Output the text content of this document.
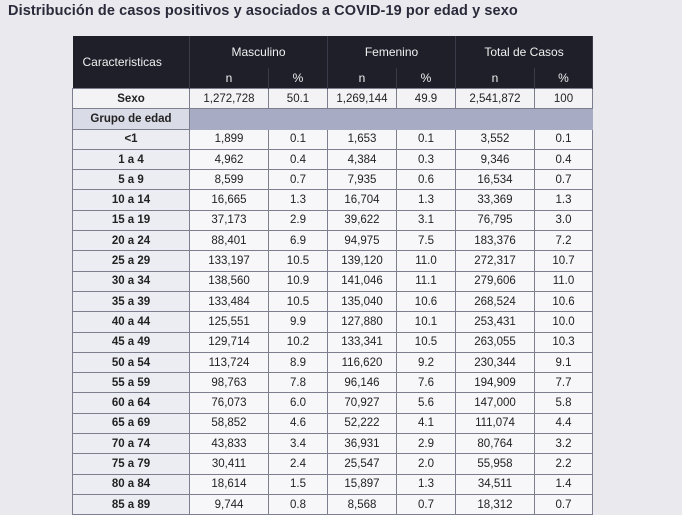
Distribución de casos positivos y asociados a COVID-19 por edad y sexo
Caracteristicas	Masculino		Femenino		Total de Casos	
	n	%	n	%	n	%
Sexo	1,272,728	50.1	1,269,144	49.9	2,541,872	100
Grupo de edad						
<1	1,899	0.1	1,653	0.1	3,552	0.1
1 a 4	4,962	0.4	4,384	0.3	9,346	0.4
5 a 9	8,599	0.7	7,935	0.6	16,534	0.7
10 a 14	16,665	1.3	16,704	1.3	33,369	1.3
15 a 19	37,173	2.9	39,622	3.1	76,795	3.0
20 a 24	88,401	6.9	94,975	7.5	183,376	7.2
25 a 29	133,197	10.5	139,120	11.0	272,317	10.7
30 a 34	138,560	10.9	141,046	11.1	279,606	11.0
35 a 39	133,484	10.5	135,040	10.6	268,524	10.6
40 a 44	125,551	9.9	127,880	10.1	253,431	10.0
45 a 49	129,714	10.2	133,341	10.5	263,055	10.3
50 a 54	113,724	8.9	116,620	9.2	230,344	9.1
55 a 59	98,763	7.8	96,146	7.6	194,909	7.7
60 a 64	76,073	6.0	70,927	5.6	147,000	5.8
65 a 69	58,852	4.6	52,222	4.1	111,074	4.4
70 a 74	43,833	3.4	36,931	2.9	80,764	3.2
75 a 79	30,411	2.4	25,547	2.0	55,958	2.2
80 a 84	18,614	1.5	15,897	1.3	34,511	1.4
85 a 89	9,744	0.8	8,568	0.7	18,312	0.7
